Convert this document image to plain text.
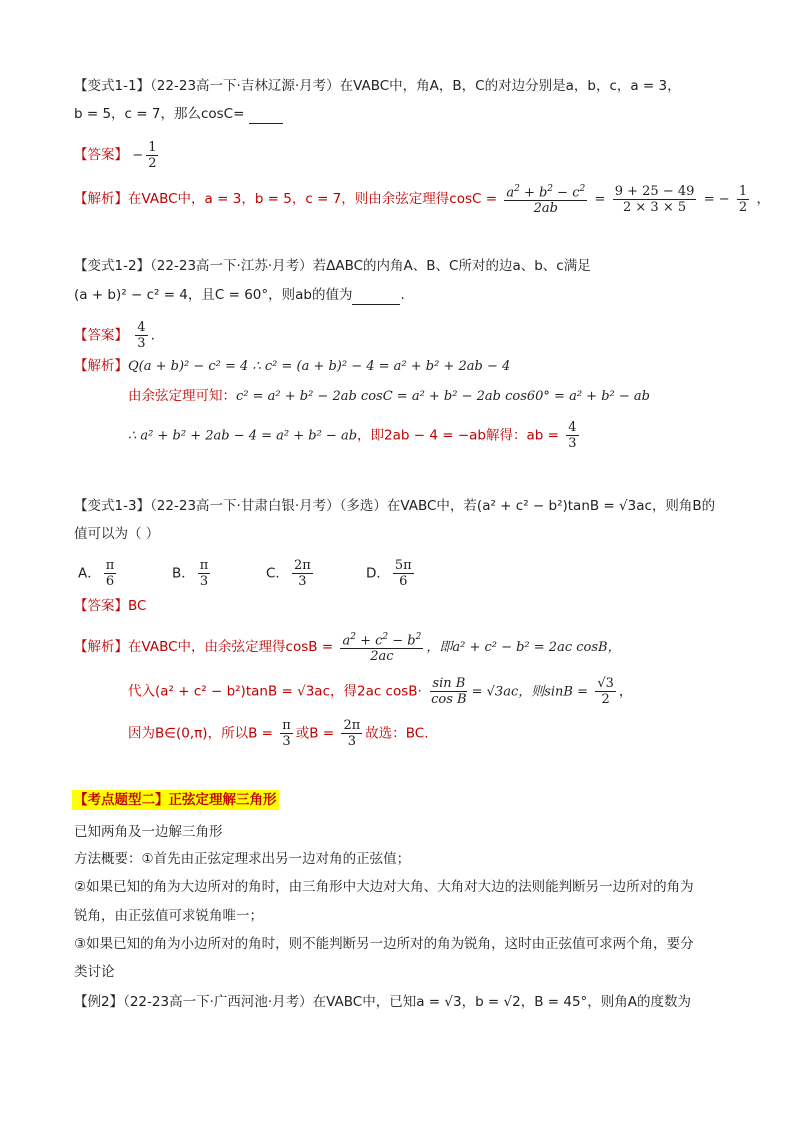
【变式1-1】（22-23高一下·吉林辽源·月考）在VABC中，角A，B，C的对边分别是a，b，c，a = 3，
b = 5，c = 7，那么cosC=
【答案】 − $\frac{1}{2}$
【解析】在VABC中，a = 3，b = 5，c = 7，则由余弦定理得$\cos C = \frac{a^2 + b^2 - c^2}{2ab} = \frac{9 + 25 - 49}{2 \times 3 \times 5}$ = − $\frac{1}{2}$ ，
【变式1-2】（22-23高一下·江苏·月考）若ΔABC的内角A、B、C所对的边a、b、c满足
(a + b)² − c² = 4，且C = 60°，则ab的值为	.
【答案】 $\frac{4}{3}$ .
【解析】Q(a + b)² − c² = 4 ∴ c² = (a + b)² − 4 = a² + b² + 2ab − 4
由余弦定理可知：c² = a² + b² − 2ab cosC = a² + b² − 2ab cos60° = a² + b² − ab
∴ a² + b² + 2ab − 4 = a² + b² − ab，即2ab − 4 = −ab解得：ab = $\frac{4}{3}$
【变式1-3】（22-23高一下·甘肃白银·月考）（多选）在VABC中，若(a² + c² − b²)tanB = √3ac，则角B的
值可以为（ ）
A． $\frac{\pi}{6}$	B． $\frac{\pi}{3}$	C． $\frac{2\pi}{3}$	D． $\frac{5\pi}{6}$
【答案】BC
【解析】在VABC中，由余弦定理得$\cos B = \frac{a^2 + c^2 - b^2}{2ac}$ ，即a² + c² − b² = 2ac cosB，
代入(a² + c² − b²)tanB = √3ac，得2ac $\cos B\cdot \frac{\text{sin B}}{\text{cos B}} = √3ac$，则$\sin B = \frac{√3}{2}$ ，
因为B∈(0,π)，所以$B = \frac{\pi}{3}$ 或$B = \frac{2\pi}{3}$ 故选：BC.
【考点题型二】正弦定理解三角形
已知两角及一边解三角形
方法概要：①首先由正弦定理求出另一边对角的正弦值；
②如果已知的角为大边所对的角时，由三角形中大边对大角、大角对大边的法则能判断另一边所对的角为
锐角，由正弦值可求锐角唯一；
③如果已知的角为小边所对的角时，则不能判断另一边所对的角为锐角，这时由正弦值可求两个角，要分
类讨论
【例2】（22-23高一下·广西河池·月考）在VABC中，已知a = √3，b = √2，B = 45°，则角A的度数为
